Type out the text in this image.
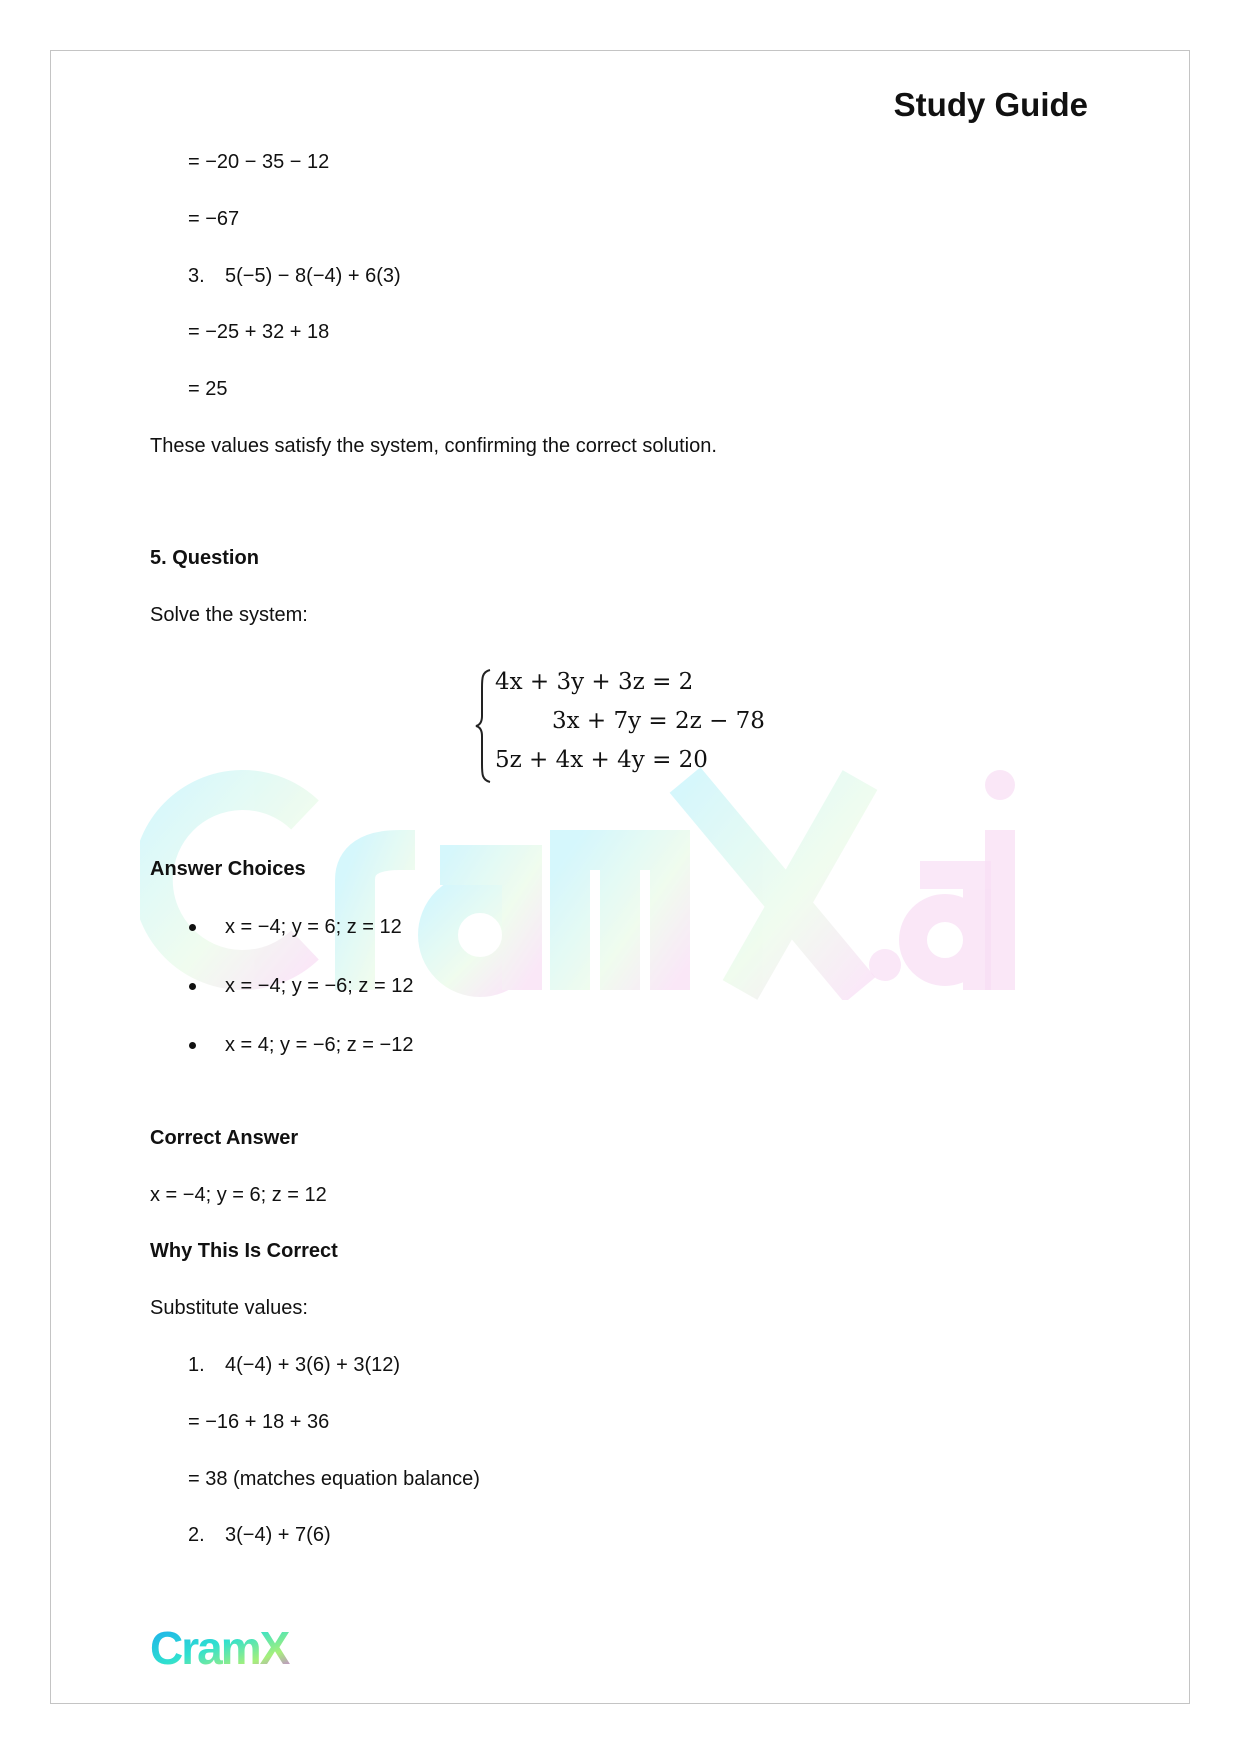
Study Guide
= −20 − 35 − 12
= −67
3. 5(−5) − 8(−4) + 6(3)
= −25 + 32 + 18
= 25
These values satisfy the system, confirming the correct solution.
5. Question
Solve the system:
4x + 3y + 3z = 2
3x + 7y = 2z − 78
5z + 4x + 4y = 20
Answer Choices
x = −4; y = 6; z = 12
x = −4; y = −6; z = 12
x = 4; y = −6; z = −12
Correct Answer
x = −4; y = 6; z = 12
Why This Is Correct
Substitute values:
1. 4(−4) + 3(6) + 3(12)
= −16 + 18 + 36
= 38 (matches equation balance)
2. 3(−4) + 7(6)
CramX
